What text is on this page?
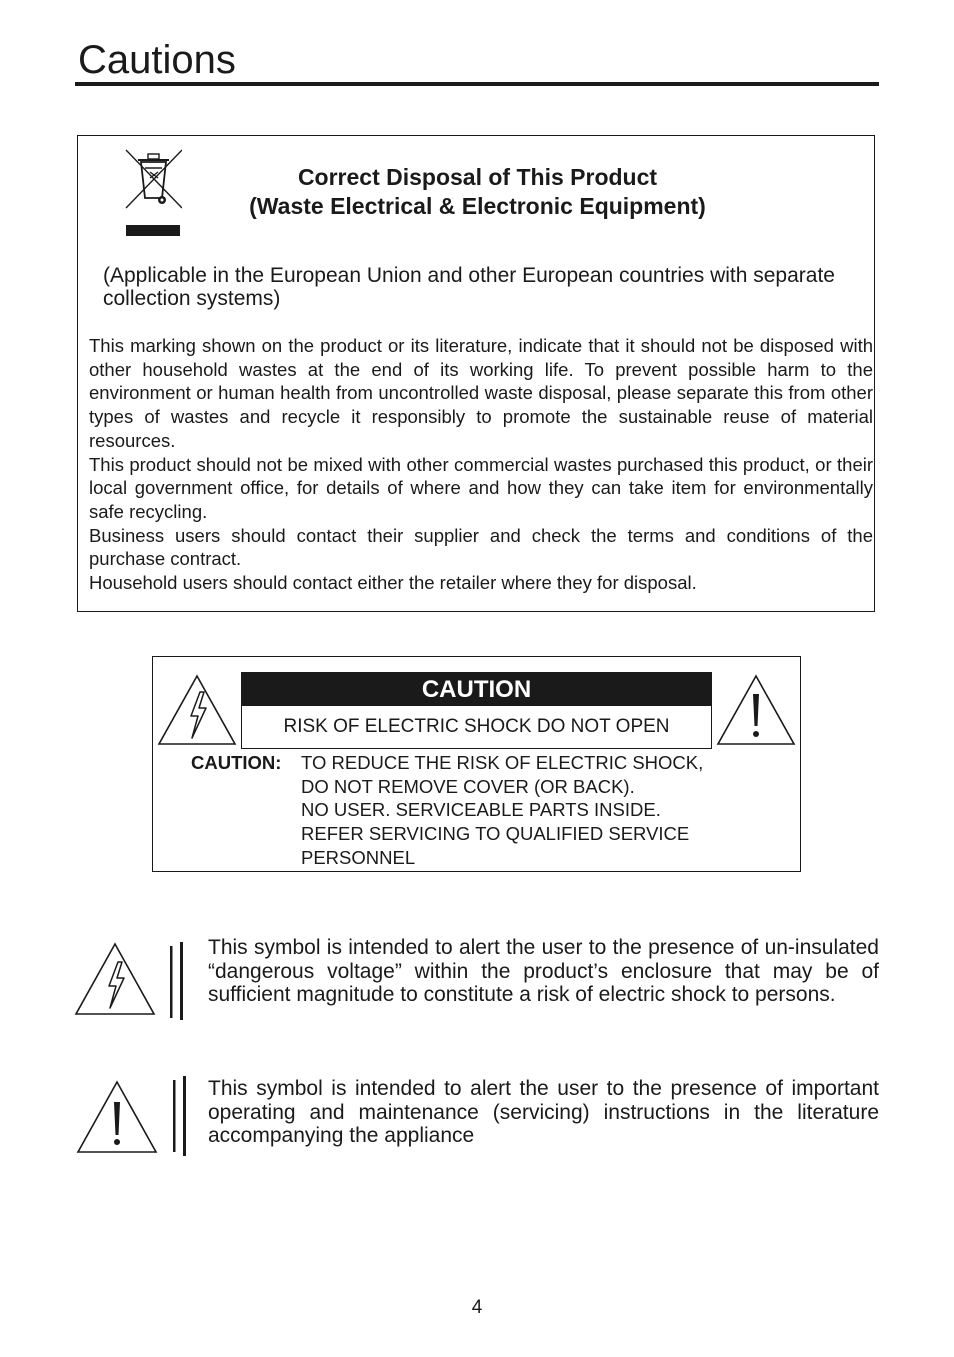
Cautions
Correct Disposal of This Product
(Waste Electrical & Electronic Equipment)
(Applicable in the European Union and other European countries with separate collection systems)

This marking shown on the product or its literature, indicate that it should not be disposed with other household wastes at the end of its working life. To prevent possible harm to the environment or human health from uncontrolled waste disposal, please separate this from other types of wastes and recycle it responsibly to promote the sustainable reuse of material resources.

This product should not be mixed with other commercial wastes purchased this product, or their local government office, for details of where and how they can take item for environmentally safe recycling.

Business users should contact their supplier and check the terms and conditions of the purchase contract.

Household users should contact either the retailer where they for disposal.

CAUTION
RISK OF ELECTRIC SHOCK DO NOT OPEN
CAUTION: TO REDUCE THE RISK OF ELECTRIC SHOCK,
DO NOT REMOVE COVER (OR BACK).
NO USER. SERVICEABLE PARTS INSIDE.
REFER SERVICING TO QUALIFIED SERVICE
PERSONNEL
This symbol is intended to alert the user to the presence of un-insulated “dangerous voltage” within the product’s enclosure that may be of sufficient magnitude to constitute a risk of electric shock to persons.
This symbol is intended to alert the user to the presence of important operating and maintenance (servicing) instructions in the literature accompanying the appliance
4
